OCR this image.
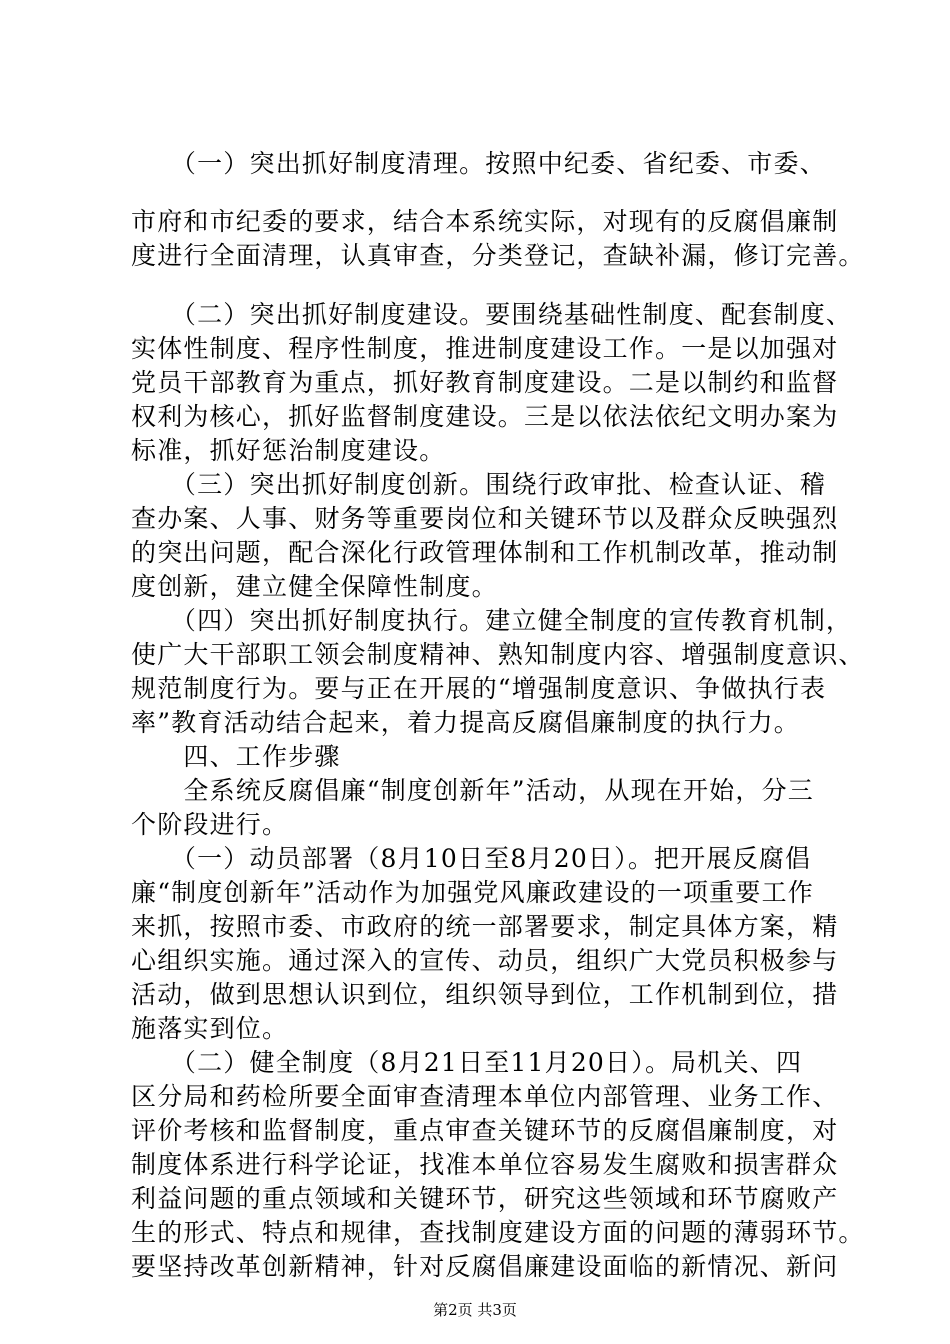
　　（一）突出抓好制度清理。按照中纪委、省纪委、市委、
市府和市纪委的要求，结合本系统实际，对现有的反腐倡廉制
度进行全面清理，认真审查，分类登记，查缺补漏，修订完善。
　　（二）突出抓好制度建设。要围绕基础性制度、配套制度、
实体性制度、程序性制度，推进制度建设工作。一是以加强对
党员干部教育为重点，抓好教育制度建设。二是以制约和监督
权利为核心，抓好监督制度建设。三是以依法依纪文明办案为
标准，抓好惩治制度建设。
　　（三）突出抓好制度创新。围绕行政审批、检查认证、稽
查办案、人事、财务等重要岗位和关键环节以及群众反映强烈
的突出问题，配合深化行政管理体制和工作机制改革，推动制
度创新，建立健全保障性制度。
　　（四）突出抓好制度执行。建立健全制度的宣传教育机制，
使广大干部职工领会制度精神、熟知制度内容、增强制度意识、
规范制度行为。要与正在开展的“增强制度意识、争做执行表
率”教育活动结合起来，着力提高反腐倡廉制度的执行力。
　　四、工作步骤
　　全系统反腐倡廉“制度创新年”活动，从现在开始，分三
个阶段进行。
　　（一）动员部署（8月10日至8月20日）。把开展反腐倡
廉“制度创新年”活动作为加强党风廉政建设的一项重要工作
来抓，按照市委、市政府的统一部署要求，制定具体方案，精
心组织实施。通过深入的宣传、动员，组织广大党员积极参与
活动，做到思想认识到位，组织领导到位，工作机制到位，措
施落实到位。
　　（二）健全制度（8月21日至11月20日）。局机关、四
区分局和药检所要全面审查清理本单位内部管理、业务工作、
评价考核和监督制度，重点审查关键环节的反腐倡廉制度，对
制度体系进行科学论证，找准本单位容易发生腐败和损害群众
利益问题的重点领域和关键环节，研究这些领域和环节腐败产
生的形式、特点和规律，查找制度建设方面的问题的薄弱环节。
要坚持改革创新精神，针对反腐倡廉建设面临的新情况、新问
第2页 共3页
